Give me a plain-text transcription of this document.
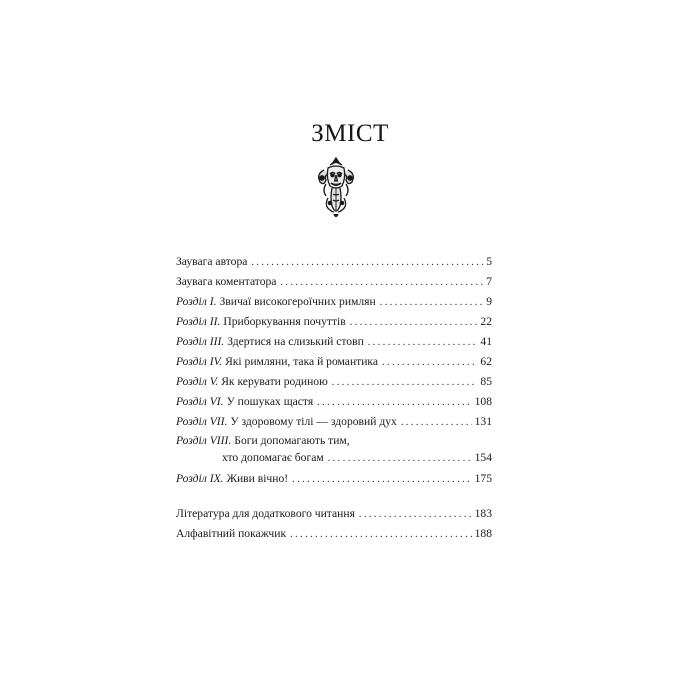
ЗМІСТ
Заувага автора . . .	5
Заувага коментатора . . .	7
Розділ І. Звичаї високогероїчних римлян . . .	9
Розділ ІІ. Приборкування почуттів . . .	22
Розділ ІІІ. Здертися на слизький стовп . . .	41
Розділ IV. Які римляни, така й романтика . . .	62
Розділ V. Як керувати родиною . . .	85
Розділ VI. У пошуках щастя . . .	108
Розділ VII. У здоровому тілі — здоровий дух . . .	131
Розділ VIII. Боги допомагають тим,
хто допомагає богам . . .	154
Розділ IX. Живи вічно! . . .	175
Література для додаткового читання . . .	183
Алфавітний покажчик . . .	188
